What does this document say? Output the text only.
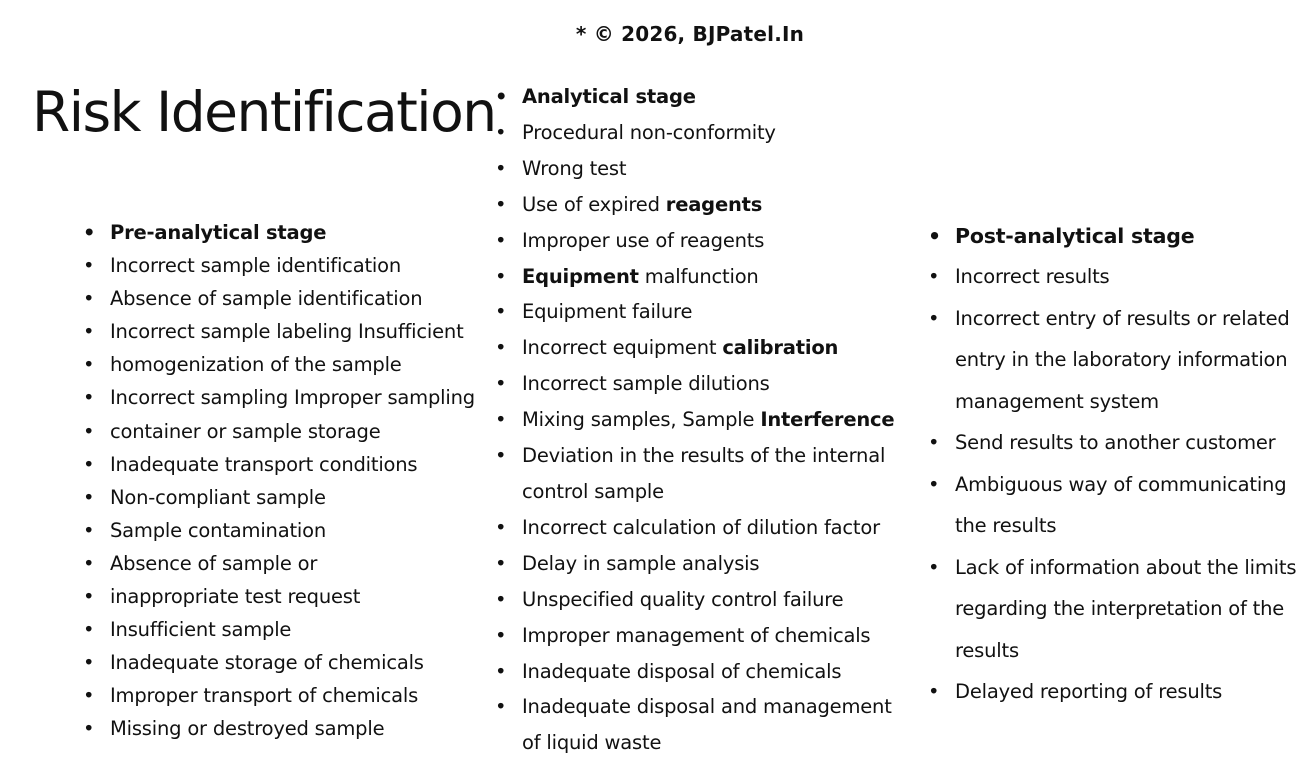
* © 2026, BJPatel.In
Risk Identification
• Pre-analytical stage
• Incorrect sample identification
• Absence of sample identification
• Incorrect sample labeling Insufficient
• homogenization of the sample
• Incorrect sampling Improper sampling
• container or sample storage
• Inadequate transport conditions
• Non-compliant sample
• Sample contamination
• Absence of sample or
• inappropriate test request
• Insufficient sample
• Inadequate storage of chemicals
• Improper transport of chemicals
• Missing or destroyed sample
• Analytical stage
• Procedural non-conformity
• Wrong test
• Use of expired reagents
• Improper use of reagents
• Equipment malfunction
• Equipment failure
• Incorrect equipment calibration
• Incorrect sample dilutions
• Mixing samples, Sample Interference
• Deviation in the results of the internal control sample
• Incorrect calculation of dilution factor
• Delay in sample analysis
• Unspecified quality control failure
• Improper management of chemicals
• Inadequate disposal of chemicals
• Inadequate disposal and management of liquid waste
• Post-analytical stage
• Incorrect results
• Incorrect entry of results or related entry in the laboratory information management system
• Send results to another customer
• Ambiguous way of communicating the results
• Lack of information about the limits regarding the interpretation of the results
• Delayed reporting of results
